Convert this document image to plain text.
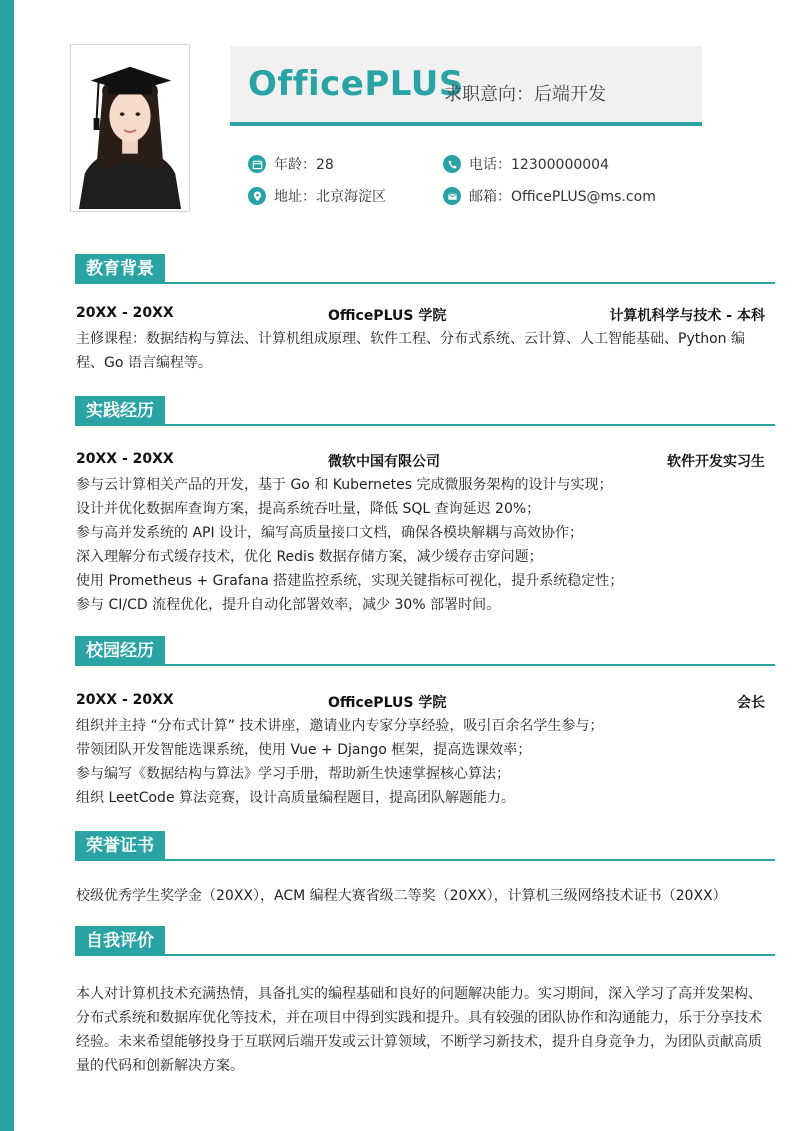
OfficePLUS
求职意向：后端开发
年龄：28	电话：12300000004
地址：北京海淀区	邮箱：OfficePLUS@ms.com
教育背景
20XX - 20XX	OfficePLUS 学院	计算机科学与技术 - 本科
主修课程：数据结构与算法、计算机组成原理、软件工程、分布式系统、云计算、人工智能基础、Python 编程、Go 语言编程等。
实践经历
20XX - 20XX	微软中国有限公司	软件开发实习生
参与云计算相关产品的开发，基于 Go 和 Kubernetes 完成微服务架构的设计与实现；
设计并优化数据库查询方案，提高系统吞吐量，降低 SQL 查询延迟 20%；
参与高并发系统的 API 设计，编写高质量接口文档，确保各模块解耦与高效协作；
深入理解分布式缓存技术，优化 Redis 数据存储方案，减少缓存击穿问题；
使用 Prometheus + Grafana 搭建监控系统，实现关键指标可视化，提升系统稳定性；
参与 CI/CD 流程优化，提升自动化部署效率，减少 30% 部署时间。
校园经历
20XX - 20XX	OfficePLUS 学院	会长
组织并主持 “分布式计算” 技术讲座，邀请业内专家分享经验，吸引百余名学生参与；
带领团队开发智能选课系统，使用 Vue + Django 框架，提高选课效率；
参与编写《数据结构与算法》学习手册，帮助新生快速掌握核心算法；
组织 LeetCode 算法竞赛，设计高质量编程题目，提高团队解题能力。
荣誉证书
校级优秀学生奖学金（20XX），ACM 编程大赛省级二等奖（20XX），计算机三级网络技术证书（20XX）
自我评价
本人对计算机技术充满热情，具备扎实的编程基础和良好的问题解决能力。实习期间，深入学习了高并发架构、分布式系统和数据库优化等技术，并在项目中得到实践和提升。具有较强的团队协作和沟通能力，乐于分享技术经验。未来希望能够投身于互联网后端开发或云计算领域，不断学习新技术，提升自身竞争力，为团队贡献高质量的代码和创新解决方案。
